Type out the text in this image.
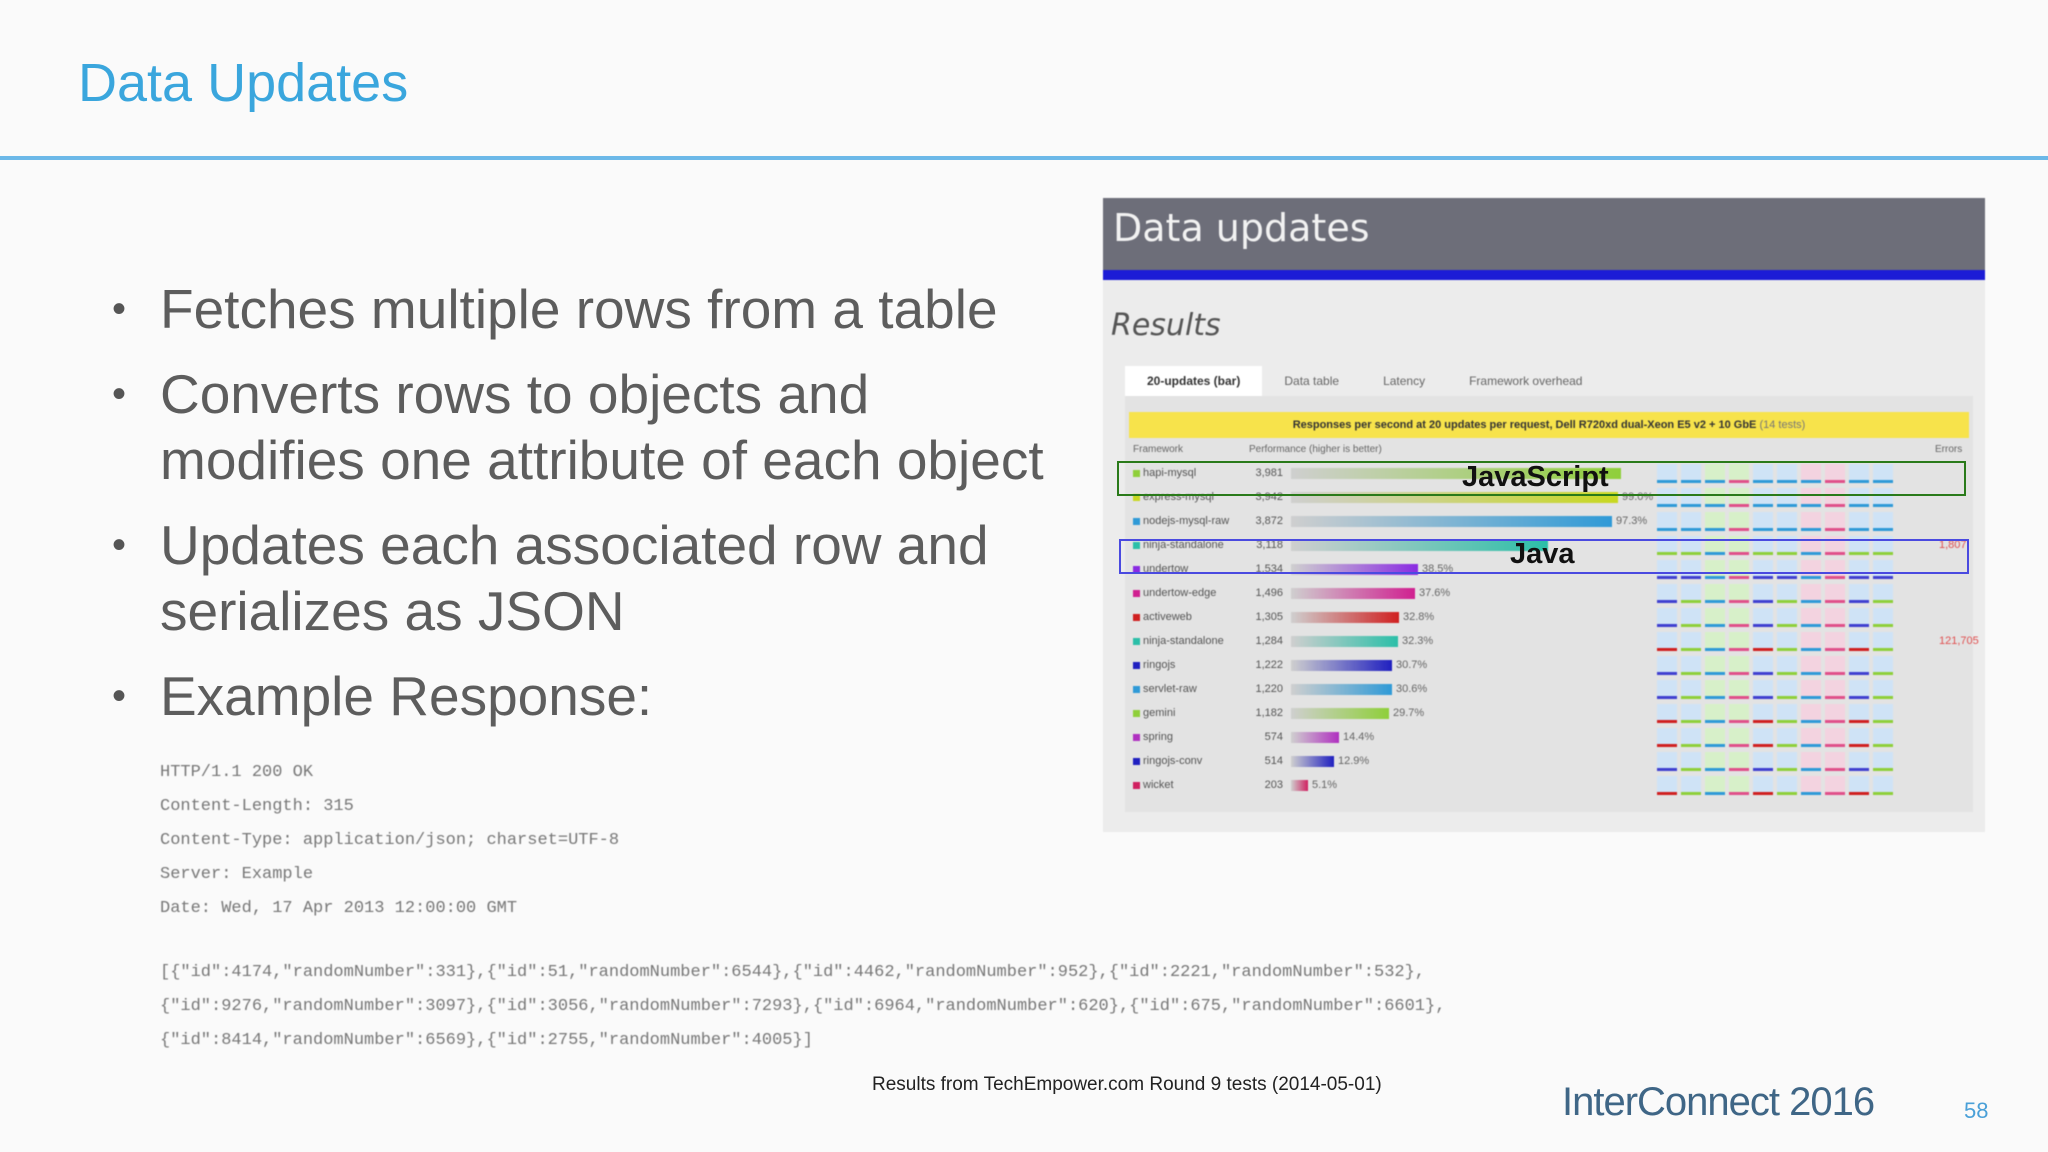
Data Updates
• Fetches multiple rows from a table
• Converts rows to objects and
modifies one attribute of each object
• Updates each associated row and
serializes as JSON
• Example Response:
HTTP/1.1 200 OK
Content-Length: 315
Content-Type: application/json; charset=UTF-8
Server: Example
Date: Wed, 17 Apr 2013 12:00:00 GMT
[{"id":4174,"randomNumber":331},{"id":51,"randomNumber":6544},{"id":4462,"randomNumber":952},{"id":2221,"randomNumber":532},
{"id":9276,"randomNumber":3097},{"id":3056,"randomNumber":7293},{"id":6964,"randomNumber":620},{"id":675,"randomNumber":6601},
{"id":8414,"randomNumber":6569},{"id":2755,"randomNumber":4005}]
Data updates
Results
20-updates (bar)	Data table	Latency	Framework overhead
Responses per second at 20 updates per request, Dell R720xd dual-Xeon E5 v2 + 10 GbE (14 tests)
Framework	Performance (higher is better)	Errors
hapi-mysql	3,981
express-mysql	3,942	99.0%
nodejs-mysql-raw	3,872	97.3%
ninja-standalone	3,118	1,807
undertow	1,534	38.5%
undertow-edge	1,496	37.6%
activeweb	1,305	32.8%
ninja-standalone	1,284	32.3%	121,705
ringojs	1,222	30.7%
servlet-raw	1,220	30.6%
gemini	1,182	29.7%
spring	574	14.4%
ringojs-conv	514	12.9%
wicket	203	5.1%
JavaScript
Java
Results from TechEmpower.com Round 9 tests (2014-05-01)	InterConnect 2016	58
